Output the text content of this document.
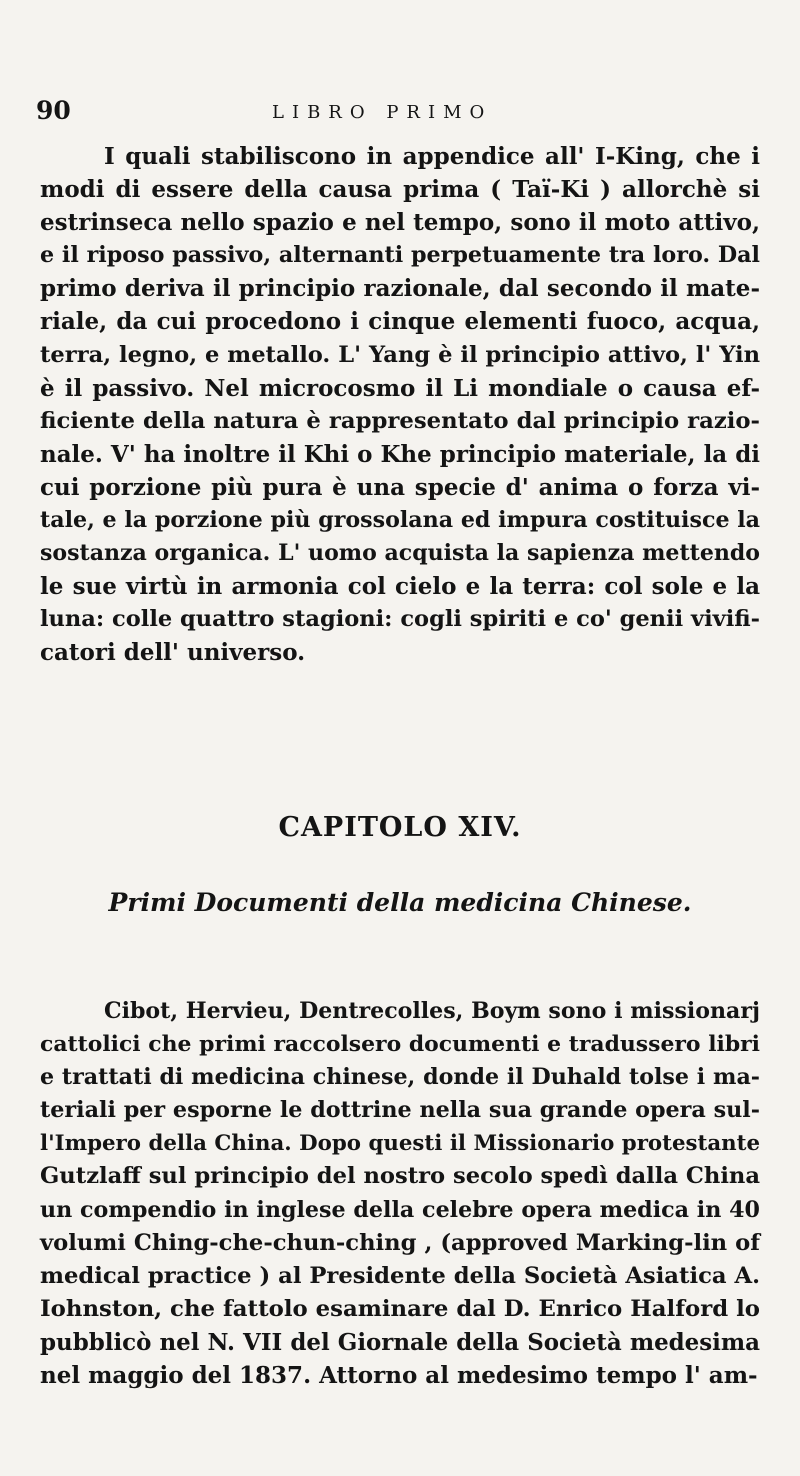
90	LIBRO PRIMO
I quali stabiliscono in appendice all' I-King, che i
modi di essere della causa prima ( Taï-Ki ) allorchè si
estrinseca nello spazio e nel tempo, sono il moto attivo,
e il riposo passivo, alternanti perpetuamente tra loro. Dal
primo deriva il principio razionale, dal secondo il mate-
riale, da cui procedono i cinque elementi fuoco, acqua,
terra, legno, e metallo. L' Yang è il principio attivo, l' Yin
è il passivo. Nel microcosmo il Li mondiale o causa ef-
ficiente della natura è rappresentato dal principio razio-
nale. V' ha inoltre il Khi o Khe principio materiale, la di
cui porzione più pura è una specie d' anima o forza vi-
tale, e la porzione più grossolana ed impura costituisce la
sostanza organica. L' uomo acquista la sapienza mettendo
le sue virtù in armonia col cielo e la terra: col sole e la
luna: colle quattro stagioni: cogli spiriti e co' genii vivifi-
catori dell' universo.
CAPITOLO XIV.
Primi Documenti della medicina Chinese.
Cibot, Hervieu, Dentrecolles, Boym sono i missionarj
cattolici che primi raccolsero documenti e tradussero libri
e trattati di medicina chinese, donde il Duhald tolse i ma-
teriali per esporne le dottrine nella sua grande opera sul-
l'Impero della China. Dopo questi il Missionario protestante
Gutzlaff sul principio del nostro secolo spedì dalla China
un compendio in inglese della celebre opera medica in 40
volumi Ching-che-chun-ching , (approved Marking-lin of
medical practice ) al Presidente della Società Asiatica A.
Iohnston, che fattolo esaminare dal D. Enrico Halford lo
pubblicò nel N. VII del Giornale della Società medesima
nel maggio del 1837. Attorno al medesimo tempo l' am-
